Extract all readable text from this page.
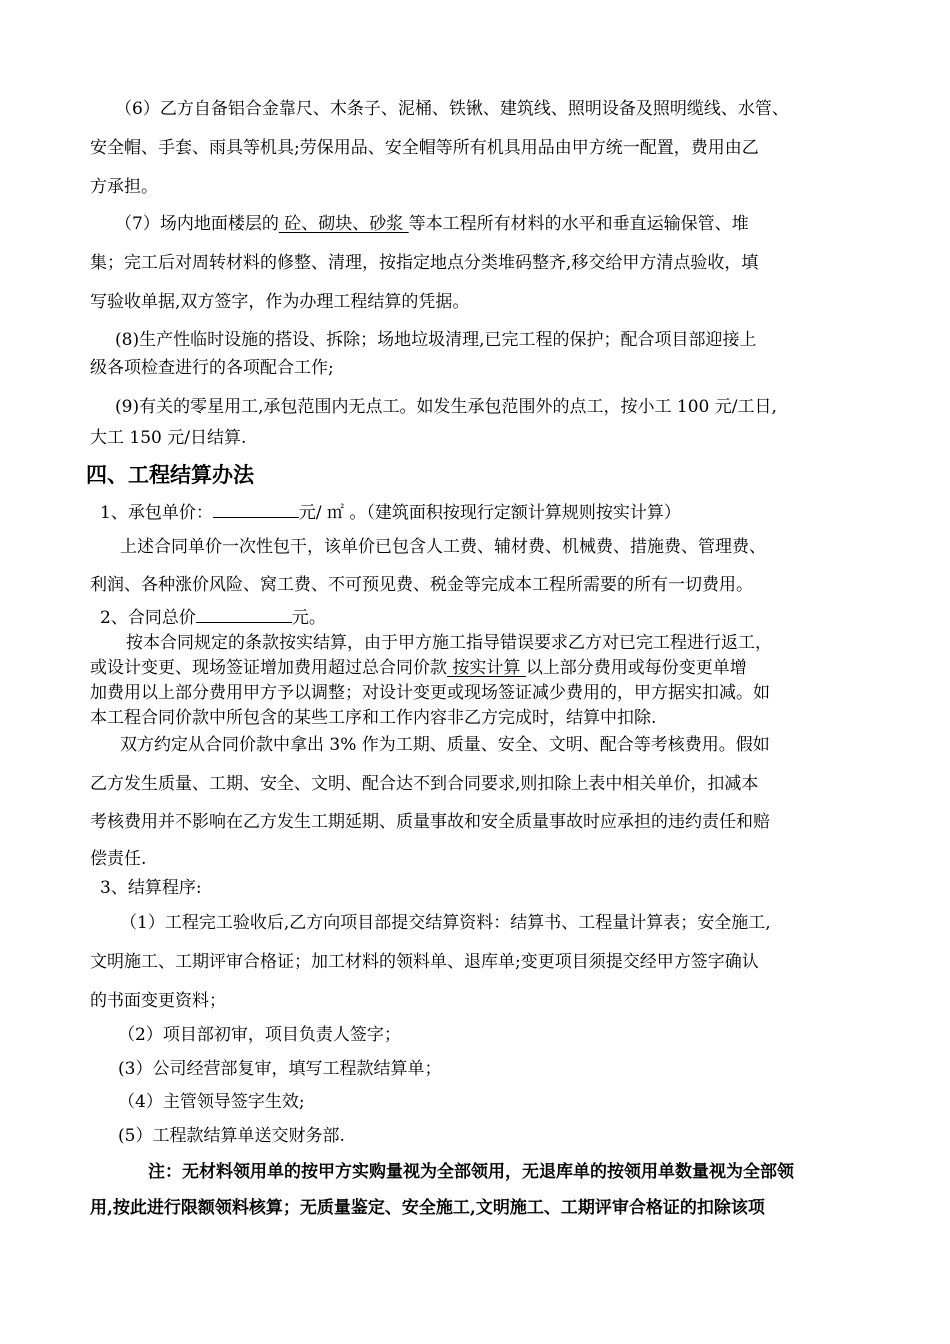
（6）乙方自备铝合金靠尺、木条子、泥桶、铁锹、建筑线、照明设备及照明缆线、水管、
安全帽、手套、雨具等机具;劳保用品、安全帽等所有机具用品由甲方统一配置，费用由乙
方承担。
（7）场内地面楼层的 砼、砌块、砂浆 等本工程所有材料的水平和垂直运输保管、堆
集；完工后对周转材料的修整、清理，按指定地点分类堆码整齐,移交给甲方清点验收，填
写验收单据,双方签字，作为办理工程结算的凭据。
(8)生产性临时设施的搭设、拆除；场地垃圾清理,已完工程的保护；配合项目部迎接上
级各项检查进行的各项配合工作;
(9)有关的零星用工,承包范围内无点工。如发生承包范围外的点工，按小工 100 元/工日,
大工 150 元/日结算.
四、工程结算办法
1、承包单价：	元/ ㎡ 。（建筑面积按现行定额计算规则按实计算）
上述合同单价一次性包干，该单价已包含人工费、辅材费、机械费、措施费、管理费、
利润、各种涨价风险、窝工费、不可预见费、税金等完成本工程所需要的所有一切费用。
2、合同总价	元。
按本合同规定的条款按实结算，由于甲方施工指导错误要求乙方对已完工程进行返工，
或设计变更、现场签证增加费用超过总合同价款 按实计算 以上部分费用或每份变更单增
加费用以上部分费用甲方予以调整；对设计变更或现场签证减少费用的，甲方据实扣减。如
本工程合同价款中所包含的某些工序和工作内容非乙方完成时，结算中扣除.
双方约定从合同价款中拿出 3% 作为工期、质量、安全、文明、配合等考核费用。假如
乙方发生质量、工期、安全、文明、配合达不到合同要求,则扣除上表中相关单价，扣减本
考核费用并不影响在乙方发生工期延期、质量事故和安全质量事故时应承担的违约责任和赔
偿责任.
3、结算程序:
（1）工程完工验收后,乙方向项目部提交结算资料：结算书、工程量计算表；安全施工,
文明施工、工期评审合格证；加工材料的领料单、退库单;变更项目须提交经甲方签字确认
的书面变更资料；
（2）项目部初审，项目负责人签字；
(3）公司经营部复审，填写工程款结算单；
（4）主管领导签字生效;
(5）工程款结算单送交财务部.
注：无材料领用单的按甲方实购量视为全部领用，无退库单的按领用单数量视为全部领
用,按此进行限额领料核算；无质量鉴定、安全施工,文明施工、工期评审合格证的扣除该项
